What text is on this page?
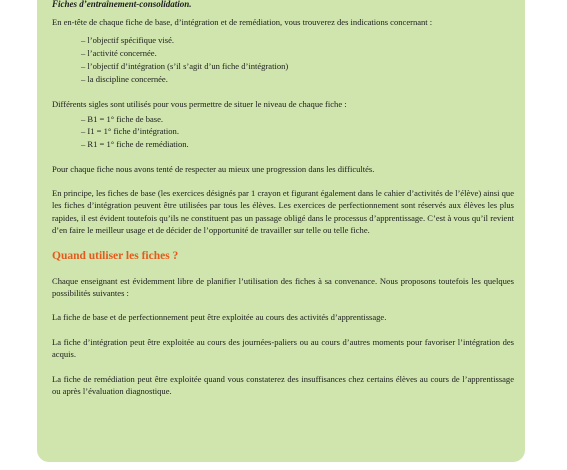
Fiches d’entraînement-consolidation.

En en-tête de chaque fiche de base, d’intégration et de remédiation, vous trouverez des indications concernant :

– l’objectif spécifique visé.
– l’activité concernée.
– l’objectif d’intégration (s’il s’agit d’un fiche d’intégration)
– la discipline concernée.

Différents sigles sont utilisés pour vous permettre de situer le niveau de chaque fiche :

– B1 = 1° fiche de base.
– I1 = 1° fiche d’intégration.
– R1 = 1° fiche de remédiation.

Pour chaque fiche nous avons tenté de respecter au mieux une progression dans les difficultés.

En principe, les fiches de base (les exercices désignés par 1 crayon et figurant également dans le cahier d’activités de l’élève) ainsi que les fiches d’intégration peuvent être utilisées par tous les élèves. Les exercices de perfectionnement sont réservés aux élèves les plus rapides, il est évident toutefois qu’ils ne constituent pas un passage obligé dans le processus d’apprentissage. C’est à vous qu’il revient d’en faire le meilleur usage et de décider de l’opportunité de travailler sur telle ou telle fiche.

Quand utiliser les fiches ?

Chaque enseignant est évidemment libre de planifier l’utilisation des fiches à sa convenance. Nous proposons toutefois les quelques possibilités suivantes :

La fiche de base et de perfectionnement peut être exploitée au cours des activités d’apprentissage.

La fiche d’intégration peut être exploitée au cours des journées-paliers ou au cours d’autres moments pour favoriser l’intégration des acquis.

La fiche de remédiation peut être exploitée quand vous constaterez des insuffisances chez certains élèves au cours de l’apprentissage ou après l’évaluation diagnostique.
